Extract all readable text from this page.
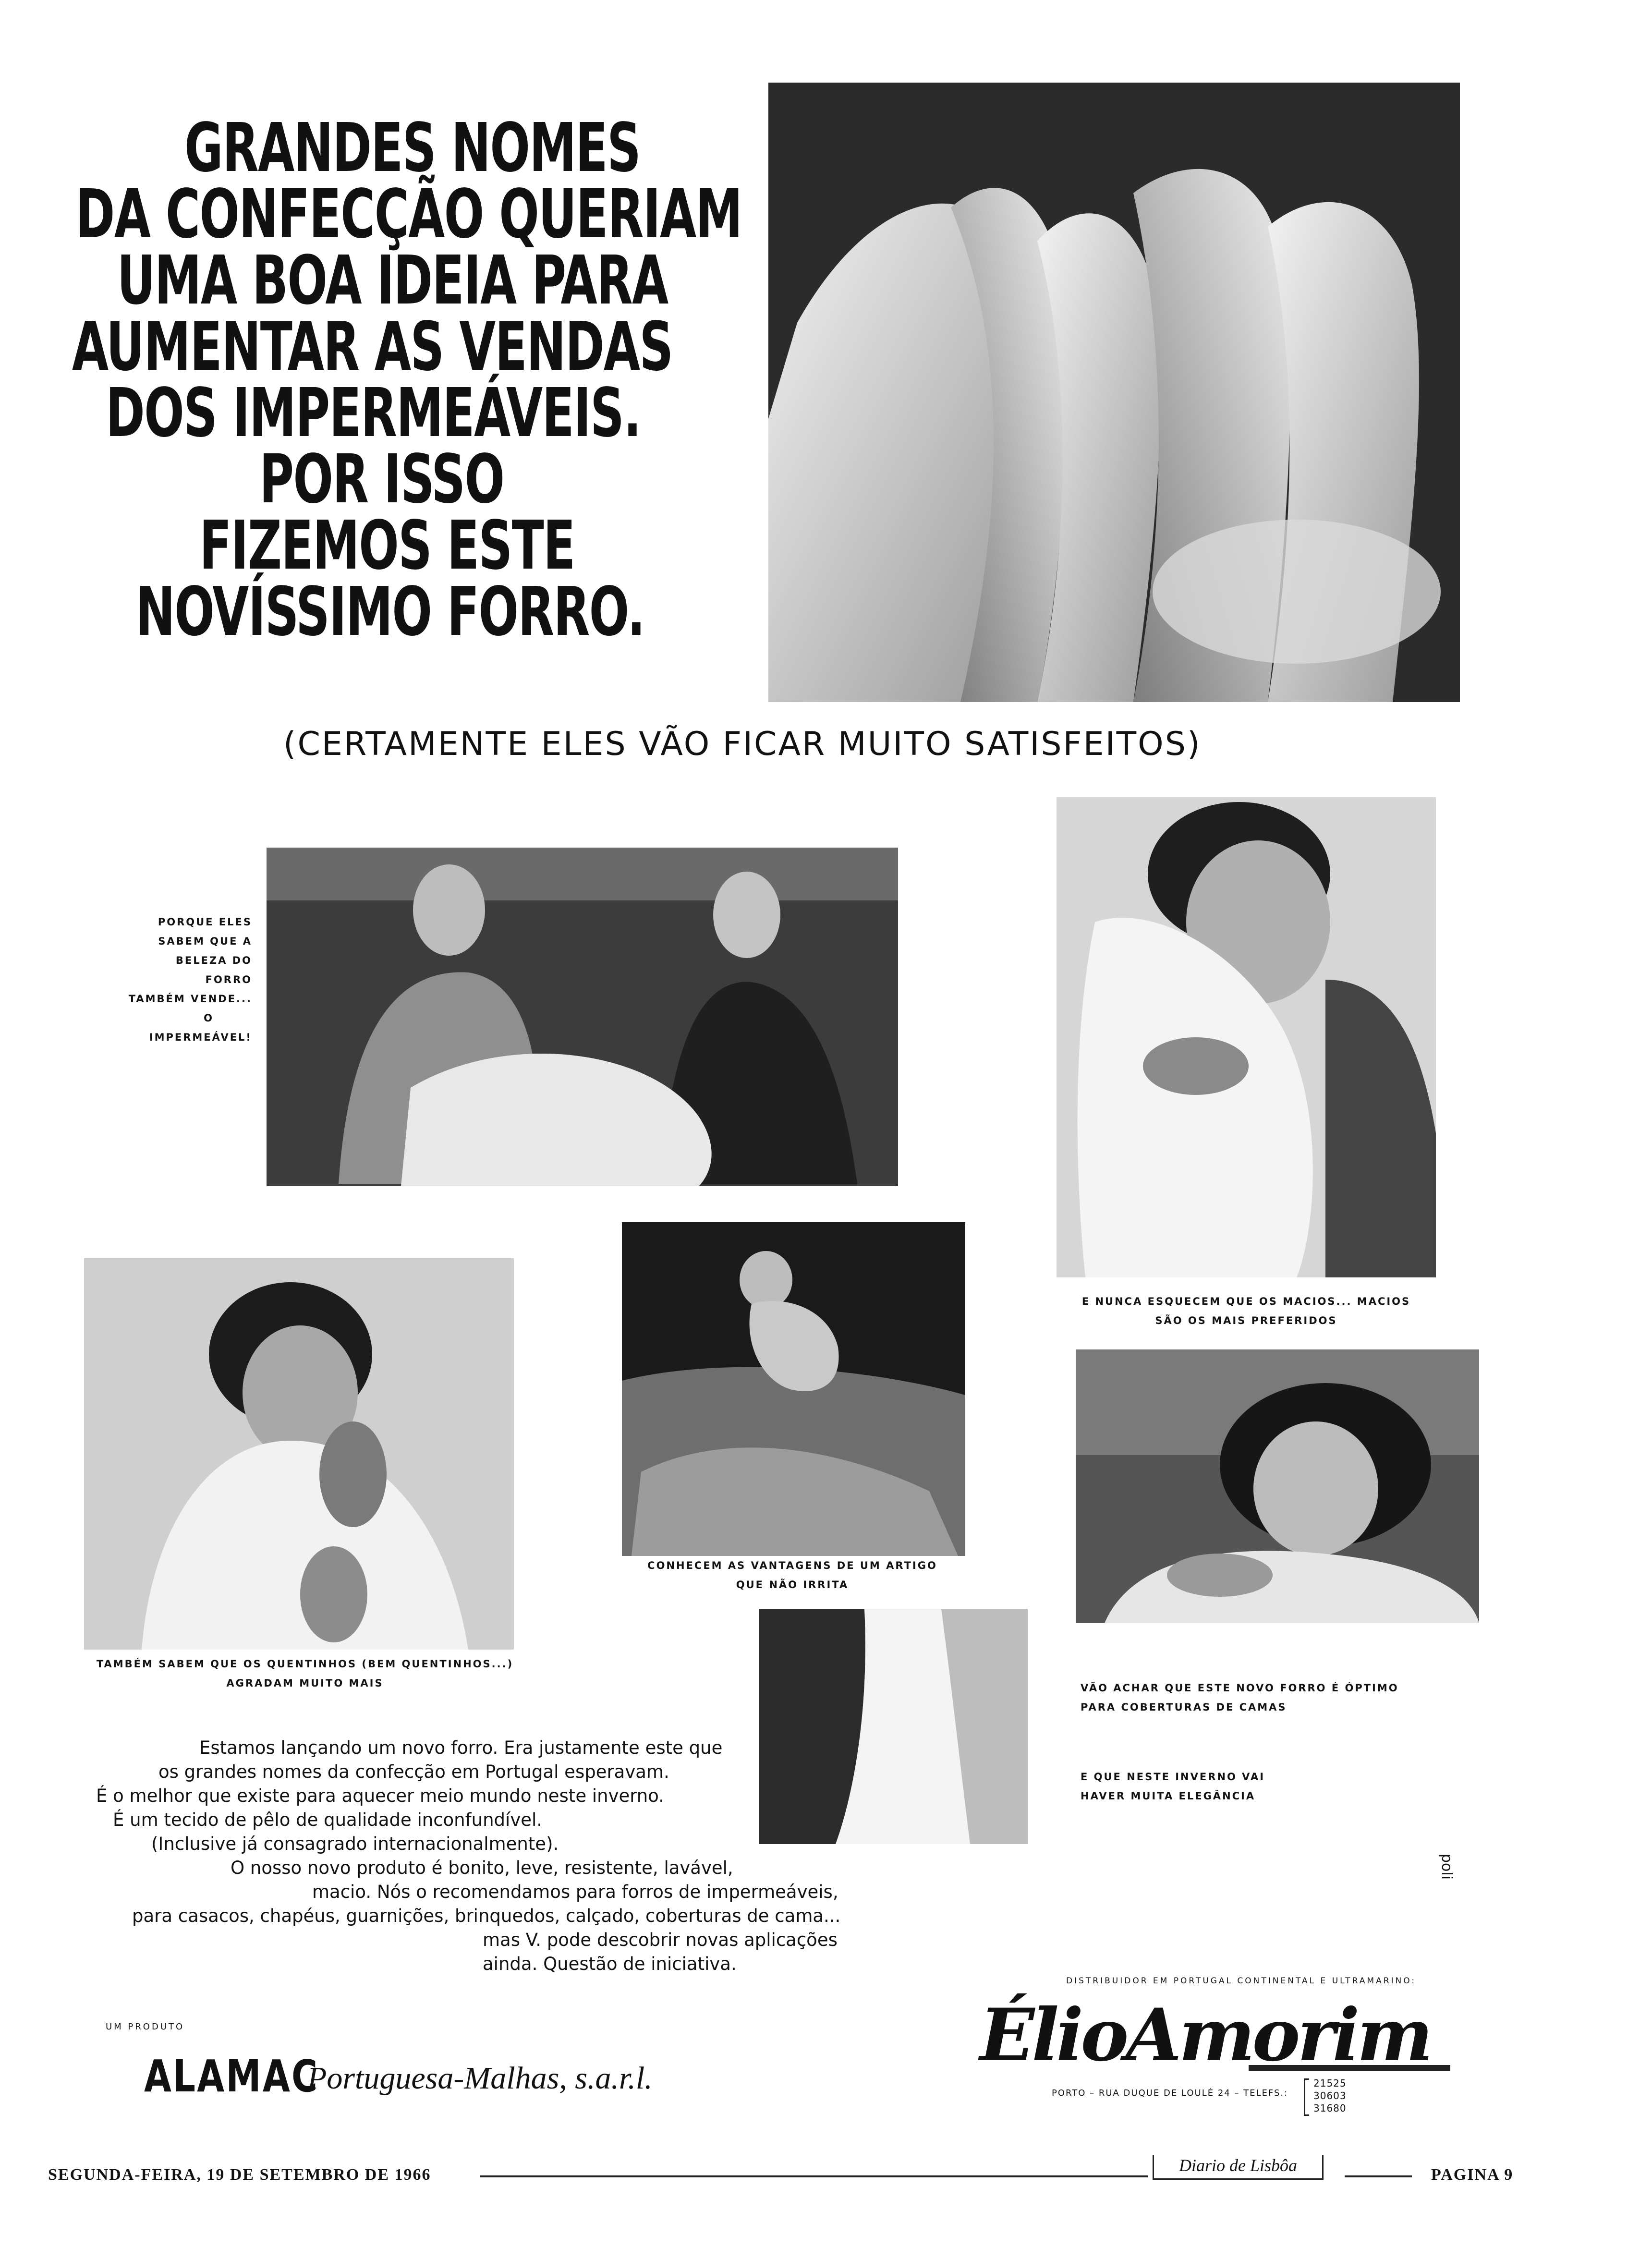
GRANDES NOMES
DA CONFECÇÃO QUERIAM
UMA BOA IDEIA PARA
AUMENTAR AS VENDAS
DOS IMPERMEÁVEIS.
POR ISSO
FIZEMOS ESTE
NOVÍSSIMO FORRO.
(CERTAMENTE ELES VÃO FICAR MUITO SATISFEITOS)
PORQUE ELES
SABEM QUE A
BELEZA DO
FORRO
TAMBÉM VENDE...
O
IMPERMEÁVEL!
E NUNCA ESQUECEM QUE OS MACIOS... MACIOS
SÃO OS MAIS PREFERIDOS
TAMBÉM SABEM QUE OS QUENTINHOS (BEM QUENTINHOS...)
AGRADAM MUITO MAIS
CONHECEM AS VANTAGENS DE UM ARTIGO
QUE NÃO IRRITA
VÃO ACHAR QUE ESTE NOVO FORRO É ÓPTIMO
PARA COBERTURAS DE CAMAS
E QUE NESTE INVERNO VAI
HAVER MUITA ELEGÂNCIA
Estamos lançando um novo forro. Era justamente este que
os grandes nomes da confecção em Portugal esperavam.
É o melhor que existe para aquecer meio mundo neste inverno.
É um tecido de pêlo de qualidade inconfundível.
(Inclusive já consagrado internacionalmente).
O nosso novo produto é bonito, leve, resistente, lavável,
macio. Nós o recomendamos para forros de impermeáveis,
para casacos, chapéus, guarnições, brinquedos, calçado, coberturas de cama...
mas V. pode descobrir novas aplicações
ainda. Questão de iniciativa.
UM PRODUTO
ALAMAC
Portuguesa-Malhas, s.a.r.l.
DISTRIBUIDOR EM PORTUGAL CONTINENTAL E ULTRAMARINO:
ÉlioAmorim
PORTO – RUA DUQUE DE LOULÉ 24 – TELEFS.:
21525
30603
31680
poli
SEGUNDA-FEIRA, 19 DE SETEMBRO DE 1966	Diario de Lisbôa	PAGINA 9
